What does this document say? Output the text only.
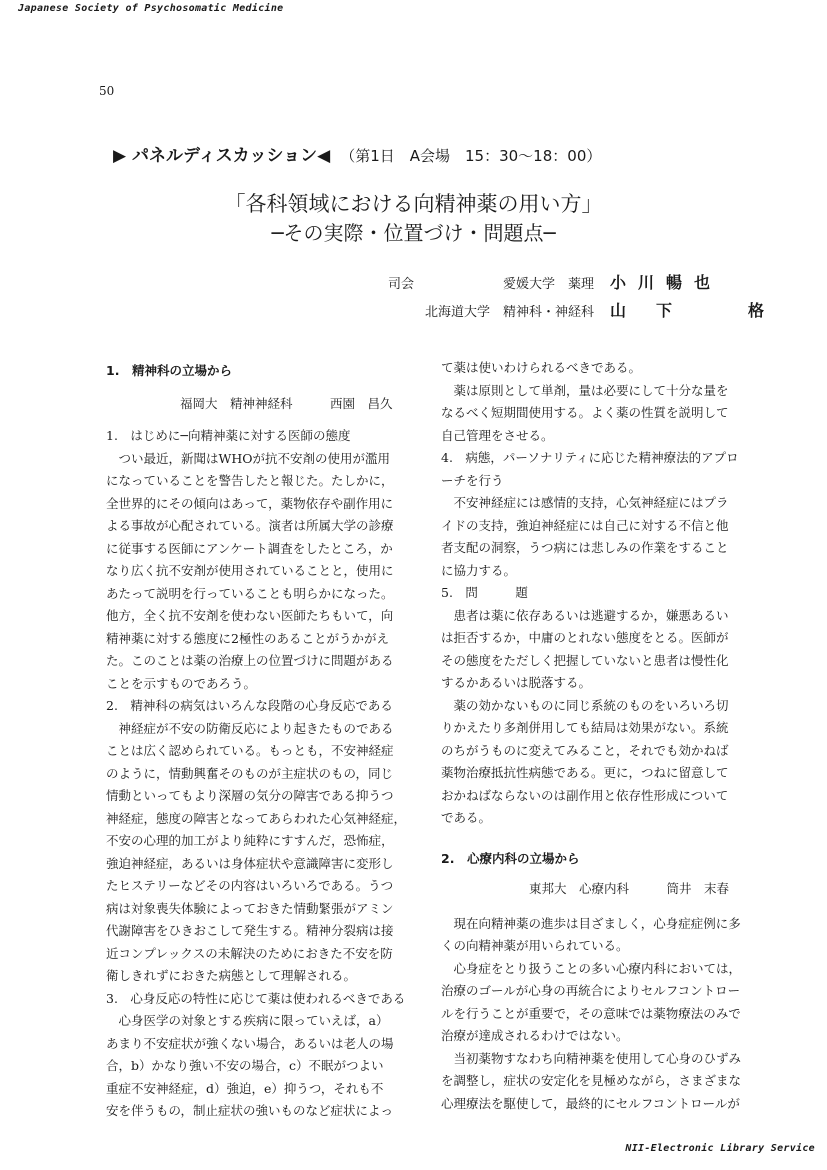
Japanese Society of Psychosomatic Medicine
50
▶ パネルディスカッション◀ （第1日　A会場　15：30〜18：00）
「各科領域における向精神薬の用い方」
─その実際・位置づけ・問題点─
司会	愛媛大学　薬理 小川暢也
北海道大学　精神科・神経科 山下　格

1.　精神科の立場から

福岡大　精神神経科　　　西園　昌久

1.　はじめに─向精神薬に対する医師の態度

　つい最近，新聞はWHOが抗不安剤の使用が濫用

になっていることを警告したと報じた。たしかに，

全世界的にその傾向はあって，薬物依存や副作用に

よる事故が心配されている。演者は所属大学の診療

に従事する医師にアンケート調査をしたところ，か

なり広く抗不安剤が使用されていることと，使用に

あたって説明を行っていることも明らかになった。

他方，全く抗不安剤を使わない医師たちもいて，向

精神薬に対する態度に2極性のあることがうかがえ

た。このことは薬の治療上の位置づけに問題がある

ことを示すものであろう。

2.　精神科の病気はいろんな段階の心身反応である

　神経症が不安の防衛反応により起きたものである

ことは広く認められている。もっとも，不安神経症

のように，情動興奮そのものが主症状のもの，同じ

情動といってもより深層の気分の障害である抑うつ

神経症，態度の障害となってあらわれた心気神経症，

不安の心理的加工がより純粋にすすんだ，恐怖症，

強迫神経症，あるいは身体症状や意識障害に変形し

たヒステリーなどその内容はいろいろである。うつ

病は対象喪失体験によっておきた情動緊張がアミン

代謝障害をひきおこして発生する。精神分裂病は接

近コンプレックスの未解決のためにおきた不安を防

衛しきれずにおきた病態として理解される。

3.　心身反応の特性に応じて薬は使われるべきである

　心身医学の対象とする疾病に限っていえば，a）

あまり不安症状が強くない場合，あるいは老人の場

合，b）かなり強い不安の場合，c）不眠がつよい

重症不安神経症，d）強迫，e）抑うつ，それも不

安を伴うもの，制止症状の強いものなど症状によっ

て薬は使いわけられるべきである。

　薬は原則として単剤，量は必要にして十分な量を

なるべく短期間使用する。よく薬の性質を説明して

自己管理をさせる。

4.　病態，パーソナリティに応じた精神療法的アプロ

ーチを行う

　不安神経症には感情的支持，心気神経症にはプラ

イドの支持，強迫神経症には自己に対する不信と他

者支配の洞察，うつ病には悲しみの作業をすること

に協力する。

5.　問　　　題

　患者は薬に依存あるいは逃避するか，嫌悪あるい

は拒否するか，中庸のとれない態度をとる。医師が

その態度をただしく把握していないと患者は慢性化

するかあるいは脱落する。

　薬の効かないものに同じ系統のものをいろいろ切

りかえたり多剤併用しても結局は効果がない。系統

のちがうものに変えてみること，それでも効かねば

薬物治療抵抗性病態である。更に，つねに留意して

おかねばならないのは副作用と依存性形成について

である。

2.　心療内科の立場から

東邦大　心療内科　　　筒井　末春

　現在向精神薬の進歩は目ざましく，心身症症例に多

くの向精神薬が用いられている。

　心身症をとり扱うことの多い心療内科においては，

治療のゴールが心身の再統合によりセルフコントロー

ルを行うことが重要で，その意味では薬物療法のみで

治療が達成されるわけではない。

　当初薬物すなわち向精神薬を使用して心身のひずみ

を調整し，症状の安定化を見極めながら，さまざまな

心理療法を駆使して，最終的にセルフコントロールが

NII-Electronic Library Service
